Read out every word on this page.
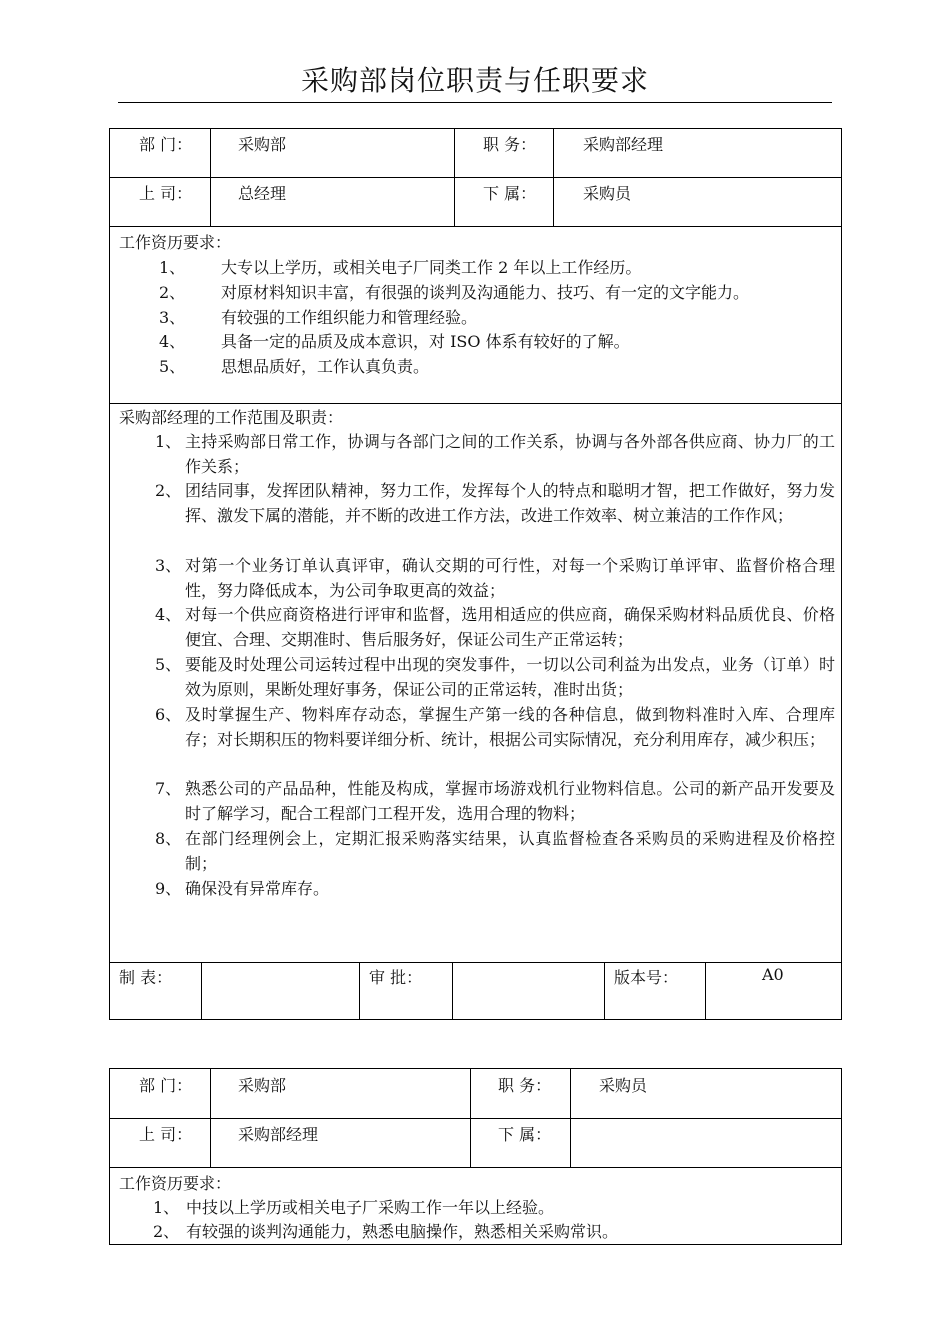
采购部岗位职责与任职要求
部 门：	采购部	职 务：	采购部经理
上 司：	总经理	下 属：	采购员
工作资历要求：
1、	大专以上学历，或相关电子厂同类工作 2 年以上工作经历。
2、	对原材料知识丰富，有很强的谈判及沟通能力、技巧、有一定的文字能力。
3、	有较强的工作组织能力和管理经验。
4、	具备一定的品质及成本意识，对 ISO 体系有较好的了解。
5、	思想品质好，工作认真负责。
采购部经理的工作范围及职责：
1、 主持采购部日常工作，协调与各部门之间的工作关系，协调与各外部各供应商、协力厂的工作关系；
2、 团结同事，发挥团队精神，努力工作，发挥每个人的特点和聪明才智，把工作做好，努力发挥、激发下属的潜能，并不断的改进工作方法，改进工作效率、树立兼洁的工作作风；
3、 对第一个业务订单认真评审，确认交期的可行性，对每一个采购订单评审、监督价格合理性，努力降低成本，为公司争取更高的效益；
4、 对每一个供应商资格进行评审和监督，选用相适应的供应商，确保采购材料品质优良、价格便宜、合理、交期准时、售后服务好，保证公司生产正常运转；
5、 要能及时处理公司运转过程中出现的突发事件，一切以公司利益为出发点，业务（订单）时效为原则，果断处理好事务，保证公司的正常运转，准时出货；
6、 及时掌握生产、物料库存动态，掌握生产第一线的各种信息，做到物料准时入库、合理库存；对长期积压的物料要详细分析、统计，根据公司实际情况，充分利用库存，减少积压；
7、 熟悉公司的产品品种，性能及构成，掌握市场游戏机行业物料信息。公司的新产品开发要及时了解学习，配合工程部门工程开发，选用合理的物料；
8、 在部门经理例会上，定期汇报采购落实结果，认真监督检查各采购员的采购进程及价格控制；
9、 确保没有异常库存。
制 表：	审 批：	版本号：	A0
部 门：	采购部	职 务：	采购员
上 司：	采购部经理	下 属：
工作资历要求：
1、 中技以上学历或相关电子厂采购工作一年以上经验。
2、 有较强的谈判沟通能力，熟悉电脑操作，熟悉相关采购常识。
